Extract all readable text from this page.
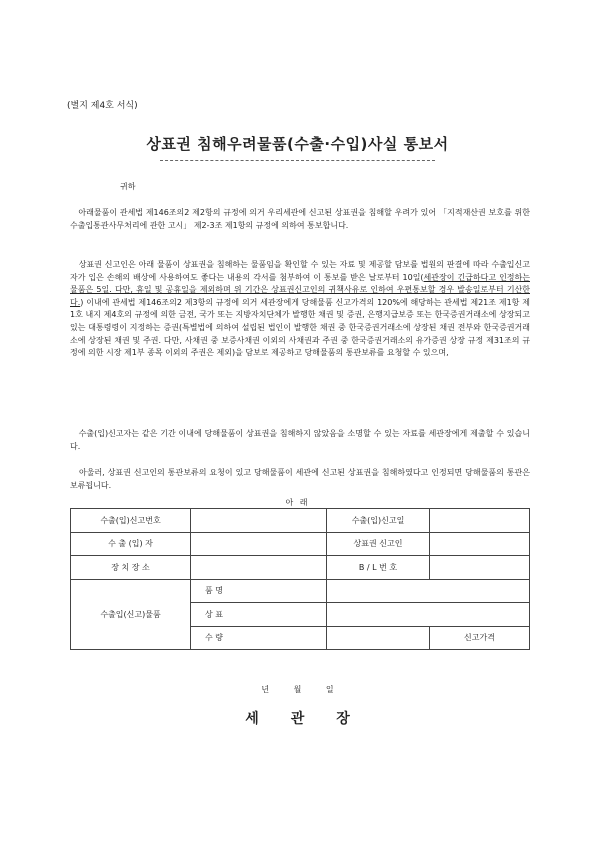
(별지 제4호 서식)
상표권 침해우려물품(수출·수입)사실 통보서
귀하
아래물품이 관세법 제146조의2 제2항의 규정에 의거 우리세관에 신고된 상표권을 침해할 우려가 있어 「지적재산권 보호를 위한 수출입통관사무처리에 관한 고시」 제2-3조 제1항의 규정에 의하여 통보합니다.
상표권 신고인은 아래 물품이 상표권을 침해하는 물품임을 확인할 수 있는 자료 및 제공할 담보를 법원의 판결에 따라 수출입신고자가 입은 손해의 배상에 사용하여도 좋다는 내용의 각서를 첨부하여 이 통보를 받은 날로부터 10일(세관장이 긴급하다고 인정하는 물품은 5일. 다만, 휴일 및 공휴일을 제외하며 위 기간은 상표권신고인의 귀책사유로 인하여 우편통보할 경우 발송일로부터 기산한다.) 이내에 관세법 제146조의2 제3항의 규정에 의거 세관장에게 당해물품 신고가격의 120%에 해당하는 관세법 제21조 제1항 제1호 내지 제4호의 규정에 의한 금전, 국가 또는 지방자치단체가 발행한 채권 및 증권, 은행지급보증 또는 한국증권거래소에 상장되고 있는 대통령령이 지정하는 증권(특별법에 의하여 설립된 법인이 발행한 채권 중 한국증권거래소에 상장된 채권 전부와 한국증권거래소에 상장된 채권 및 주권. 다만, 사채권 중 보증사채권 이외의 사채권과 주권 중 한국증권거래소의 유가증권 상장 규정 제31조의 규정에 의한 시장 제1부 종목 이외의 주권은 제외)을 담보로 제공하고 당해물품의 통관보류를 요청할 수 있으며,
수출(입)신고자는 같은 기간 이내에 당해물품이 상표권을 침해하지 않았음을 소명할 수 있는 자료를 세관장에게 제출할 수 있습니다.
아울러, 상표권 신고인의 통관보류의 요청이 있고 당해물품이 세관에 신고된 상표권을 침해하였다고 인정되면 당해물품의 통관은 보류됩니다.
아 래
수출(입)신고번호		수출(입)신고일	
수 출 (입) 자		상표권 신고인	
장 치 장 소		B / L 번 호	
수출입(신고)물품	품 명		
	상 표		
	수 량		신고가격
년 월 일
세 관 장
